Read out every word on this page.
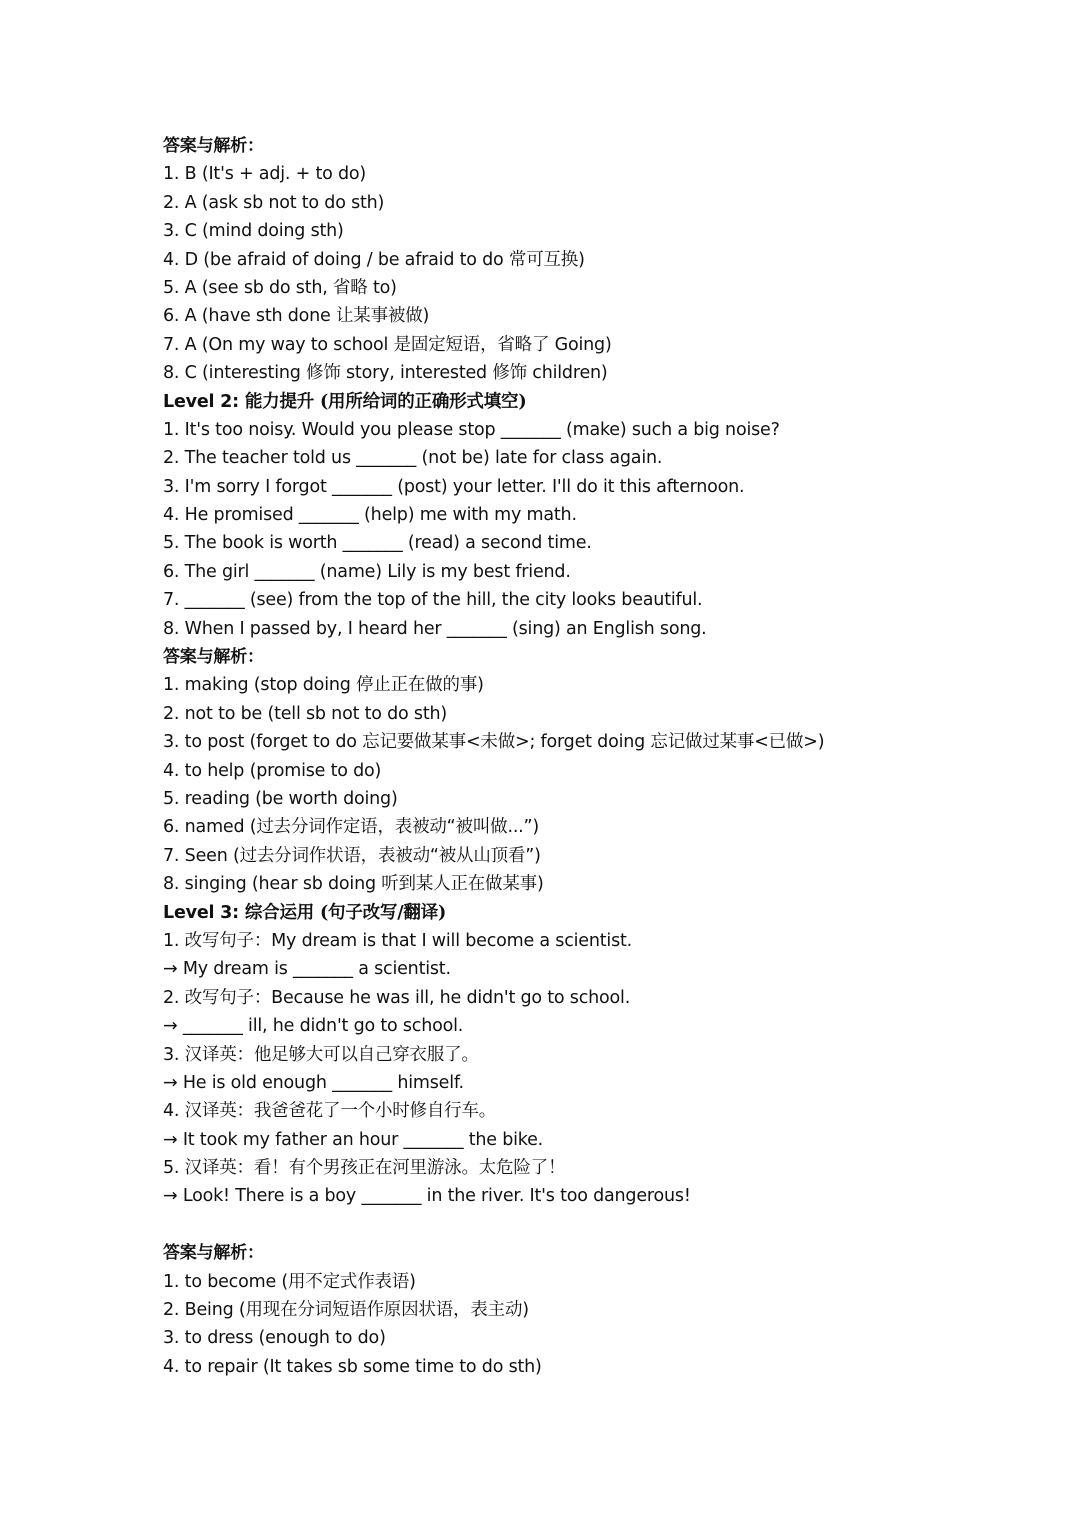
答案与解析：
1. B (It's + adj. + to do)
2. A (ask sb not to do sth)
3. C (mind doing sth)
4. D (be afraid of doing / be afraid to do 常可互换)
5. A (see sb do sth, 省略 to)
6. A (have sth done 让某事被做)
7. A (On my way to school 是固定短语，省略了 Going)
8. C (interesting 修饰 story, interested 修饰 children)
Level 2: 能力提升 (用所给词的正确形式填空)
1. It's too noisy. Would you please stop _______ (make) such a big noise?
2. The teacher told us _______ (not be) late for class again.
3. I'm sorry I forgot _______ (post) your letter. I'll do it this afternoon.
4. He promised _______ (help) me with my math.
5. The book is worth _______ (read) a second time.
6. The girl _______ (name) Lily is my best friend.
7. _______ (see) from the top of the hill, the city looks beautiful.
8. When I passed by, I heard her _______ (sing) an English song.
答案与解析：
1. making (stop doing 停止正在做的事)
2. not to be (tell sb not to do sth)
3. to post (forget to do 忘记要做某事<未做>; forget doing 忘记做过某事<已做>)
4. to help (promise to do)
5. reading (be worth doing)
6. named (过去分词作定语，表被动“被叫做...”)
7. Seen (过去分词作状语，表被动“被从山顶看”)
8. singing (hear sb doing 听到某人正在做某事)
Level 3: 综合运用 (句子改写/翻译)
1. 改写句子：My dream is that I will become a scientist.
→ My dream is _______ a scientist.
2. 改写句子：Because he was ill, he didn't go to school.
→ _______ ill, he didn't go to school.
3. 汉译英：他足够大可以自己穿衣服了。
→ He is old enough _______ himself.
4. 汉译英：我爸爸花了一个小时修自行车。
→ It took my father an hour _______ the bike.
5. 汉译英：看！有个男孩正在河里游泳。太危险了！
→ Look! There is a boy _______ in the river. It's too dangerous!
答案与解析：
1. to become (用不定式作表语)
2. Being (用现在分词短语作原因状语，表主动)
3. to dress (enough to do)
4. to repair (It takes sb some time to do sth)
